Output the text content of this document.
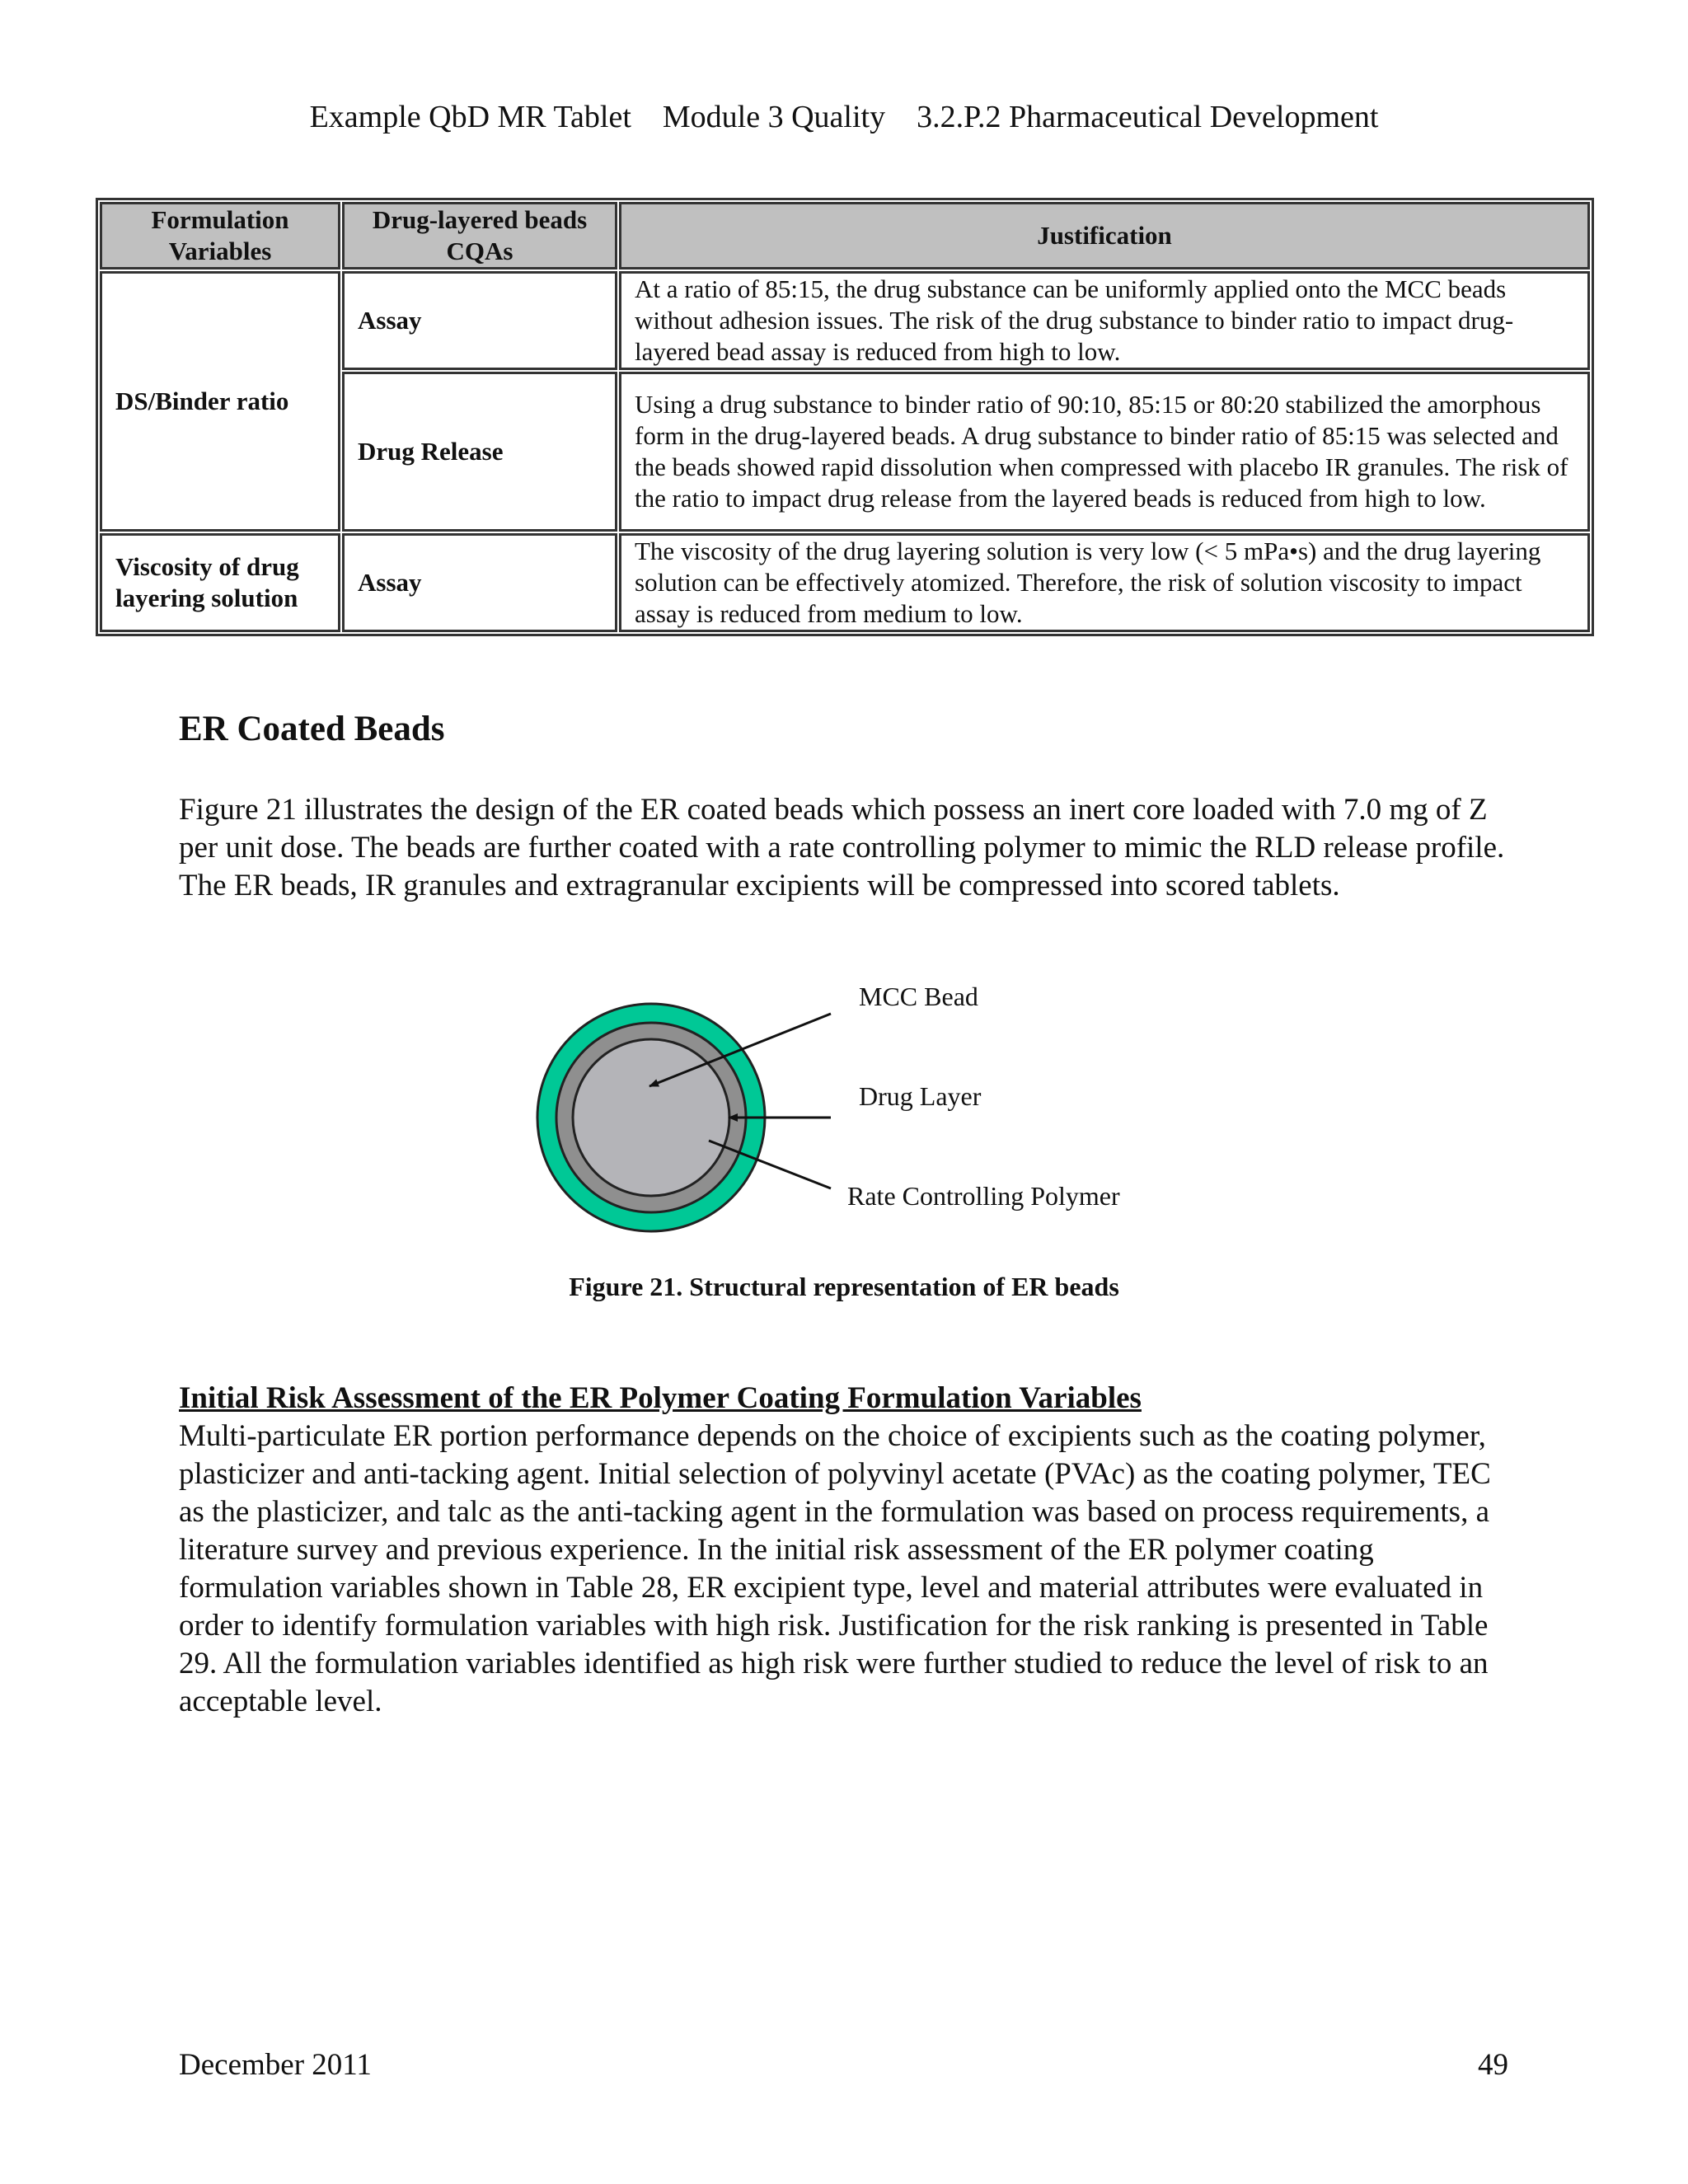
Example QbD MR Tablet    Module 3 Quality    3.2.P.2 Pharmaceutical Development
Formulation Variables	Drug-layered beads CQAs	Justification
DS/Binder ratio	Assay	At a ratio of 85:15, the drug substance can be uniformly applied onto the MCC beads without adhesion issues. The risk of the drug substance to binder ratio to impact drug-layered bead assay is reduced from high to low.
	Drug Release	Using a drug substance to binder ratio of 90:10, 85:15 or 80:20 stabilized the amorphous form in the drug-layered beads. A drug substance to binder ratio of 85:15 was selected and the beads showed rapid dissolution when compressed with placebo IR granules. The risk of the ratio to impact drug release from the layered beads is reduced from high to low.
Viscosity of drug layering solution	Assay	The viscosity of the drug layering solution is very low (< 5 mPa•s) and the drug layering solution can be effectively atomized. Therefore, the risk of solution viscosity to impact assay is reduced from medium to low.
ER Coated Beads
Figure 21 illustrates the design of the ER coated beads which possess an inert core loaded with 7.0 mg of Z per unit dose. The beads are further coated with a rate controlling polymer to mimic the RLD release profile. The ER beads, IR granules and extragranular excipients will be compressed into scored tablets.
MCC Bead
Drug Layer
Rate Controlling Polymer
Figure 21. Structural representation of ER beads
Initial Risk Assessment of the ER Polymer Coating Formulation Variables
Multi-particulate ER portion performance depends on the choice of excipients such as the coating polymer, plasticizer and anti-tacking agent. Initial selection of polyvinyl acetate (PVAc) as the coating polymer, TEC as the plasticizer, and talc as the anti-tacking agent in the formulation was based on process requirements, a literature survey and previous experience. In the initial risk assessment of the ER polymer coating formulation variables shown in Table 28, ER excipient type, level and material attributes were evaluated in order to identify formulation variables with high risk. Justification for the risk ranking is presented in Table 29. All the formulation variables identified as high risk were further studied to reduce the level of risk to an acceptable level.
December 2011	49
